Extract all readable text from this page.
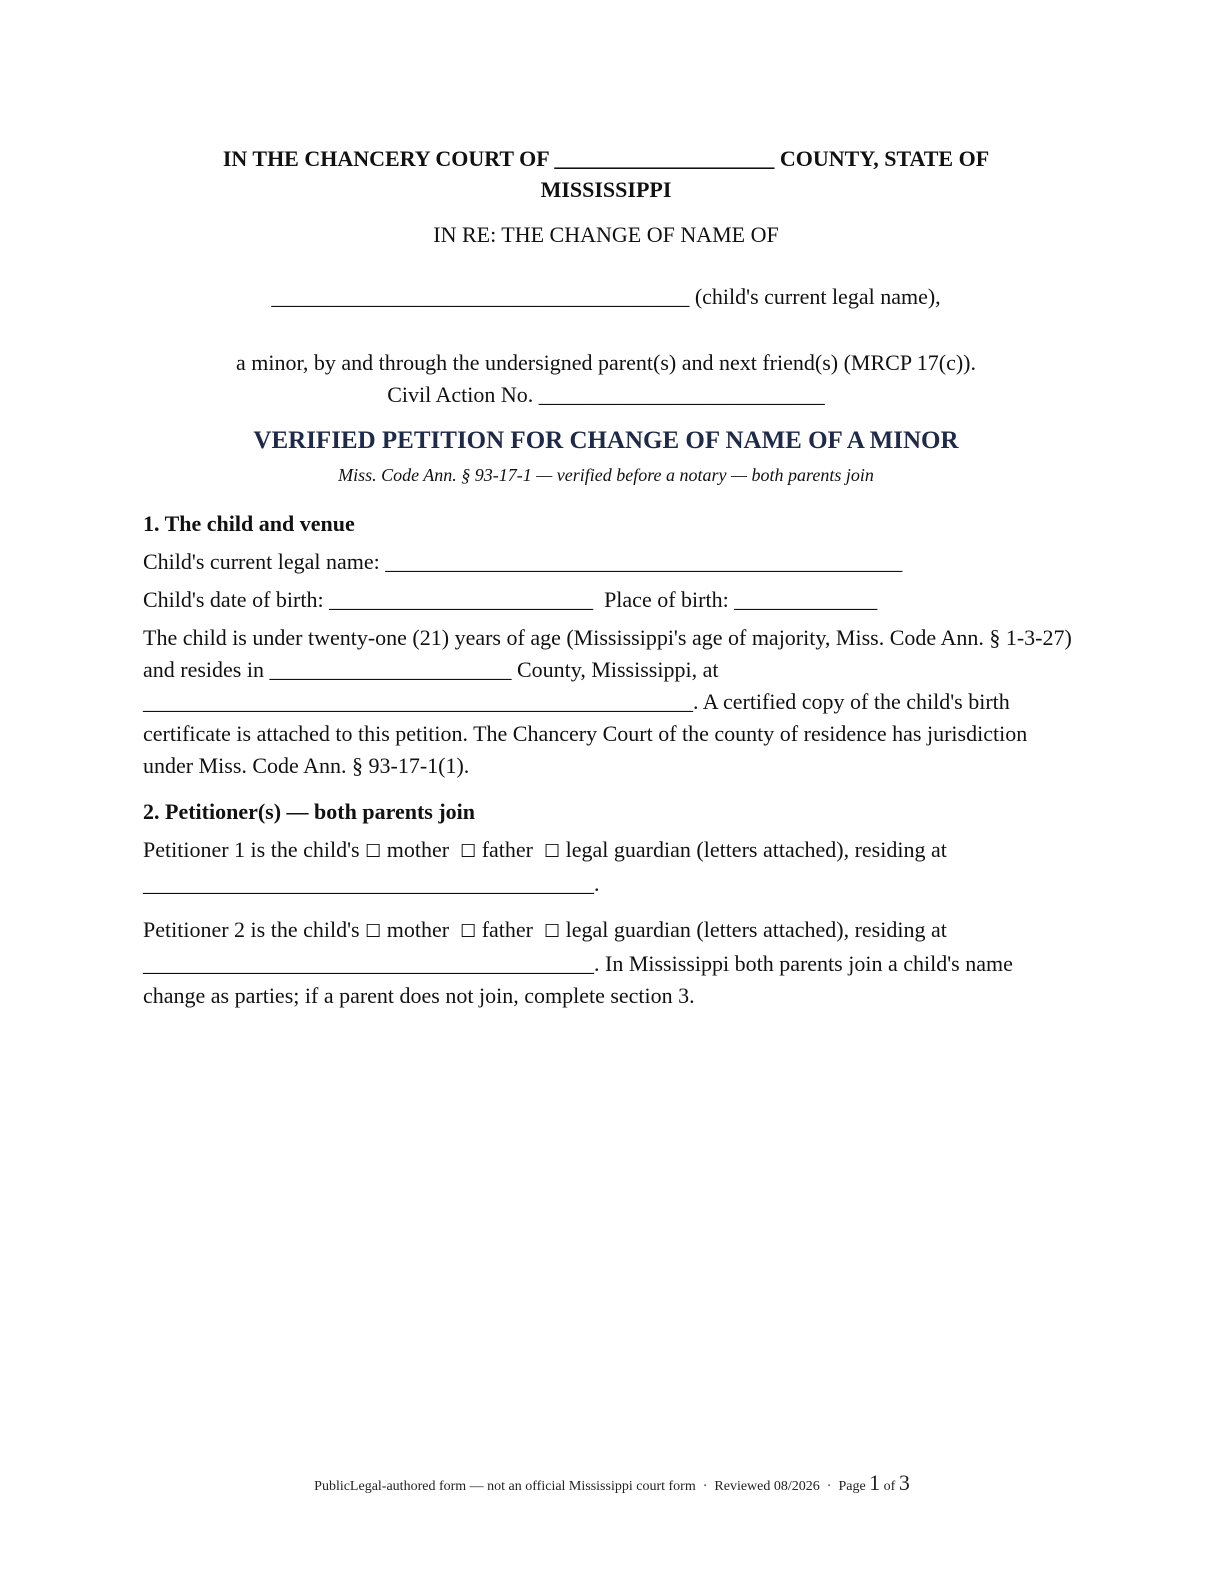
IN THE CHANCERY COURT OF ____________________ COUNTY, STATE OF
MISSISSIPPI
IN RE: THE CHANGE OF NAME OF
______________________________________ (child's current legal name),
a minor, by and through the undersigned parent(s) and next friend(s) (MRCP 17(c)).
Civil Action No. __________________________
VERIFIED PETITION FOR CHANGE OF NAME OF A MINOR
Miss. Code Ann. § 93-17-1 — verified before a notary — both parents join
1. The child and venue

Child's current legal name: _______________________________________________

Child's date of birth: ________________________ Place of birth: _____________

The child is under twenty-one (21) years of age (Mississippi's age of majority, Miss. Code Ann. § 1-3-27) and resides in ______________________ County, Mississippi, at __________________________________________________. A certified copy of the child's birth certificate is attached to this petition. The Chancery Court of the county of residence has jurisdiction under Miss. Code Ann. § 93-17-1(1).

2. Petitioner(s) — both parents join

Petitioner 1 is the child's ☐ mother ☐ father ☐ legal guardian (letters attached), residing at _________________________________________.

Petitioner 2 is the child's ☐ mother ☐ father ☐ legal guardian (letters attached), residing at _________________________________________. In Mississippi both parents join a child's name change as parties; if a parent does not join, complete section 3.

PublicLegal-authored form — not an official Mississippi court form · Reviewed 08/2026 · Page 1 of 3
